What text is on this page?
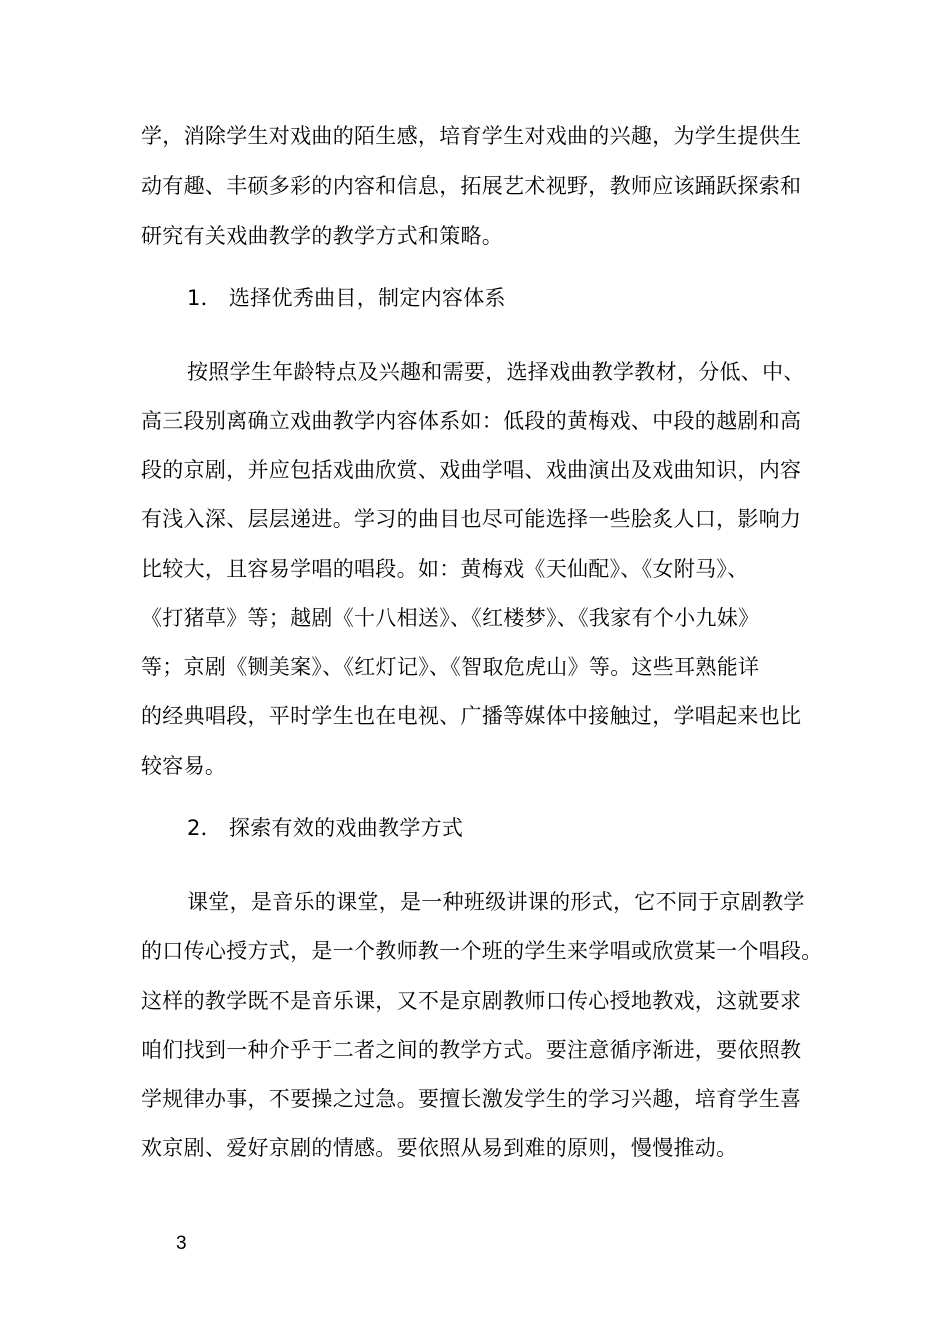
学，消除学生对戏曲的陌生感，培育学生对戏曲的兴趣，为学生提供生
动有趣、丰硕多彩的内容和信息，拓展艺术视野，教师应该踊跃探索和
研究有关戏曲教学的教学方式和策略。
1． 选择优秀曲目，制定内容体系
按照学生年龄特点及兴趣和需要，选择戏曲教学教材，分低、中、
高三段别离确立戏曲教学内容体系如：低段的黄梅戏、中段的越剧和高
段的京剧，并应包括戏曲欣赏、戏曲学唱、戏曲演出及戏曲知识，内容
有浅入深、层层递进。学习的曲目也尽可能选择一些脍炙人口，影响力
比较大，且容易学唱的唱段。如：黄梅戏《天仙配》、《女附马》、
《打猪草》等；越剧《十八相送》、《红楼梦》、《我家有个小九妹》
等；京剧《铡美案》、《红灯记》、《智取危虎山》等。这些耳熟能详
的经典唱段，平时学生也在电视、广播等媒体中接触过，学唱起来也比
较容易。
2． 探索有效的戏曲教学方式
课堂，是音乐的课堂，是一种班级讲课的形式，它不同于京剧教学
的口传心授方式，是一个教师教一个班的学生来学唱或欣赏某一个唱段。
这样的教学既不是音乐课，又不是京剧教师口传心授地教戏，这就要求
咱们找到一种介乎于二者之间的教学方式。要注意循序渐进，要依照教
学规律办事，不要操之过急。要擅长激发学生的学习兴趣，培育学生喜
欢京剧、爱好京剧的情感。要依照从易到难的原则，慢慢推动。
3
